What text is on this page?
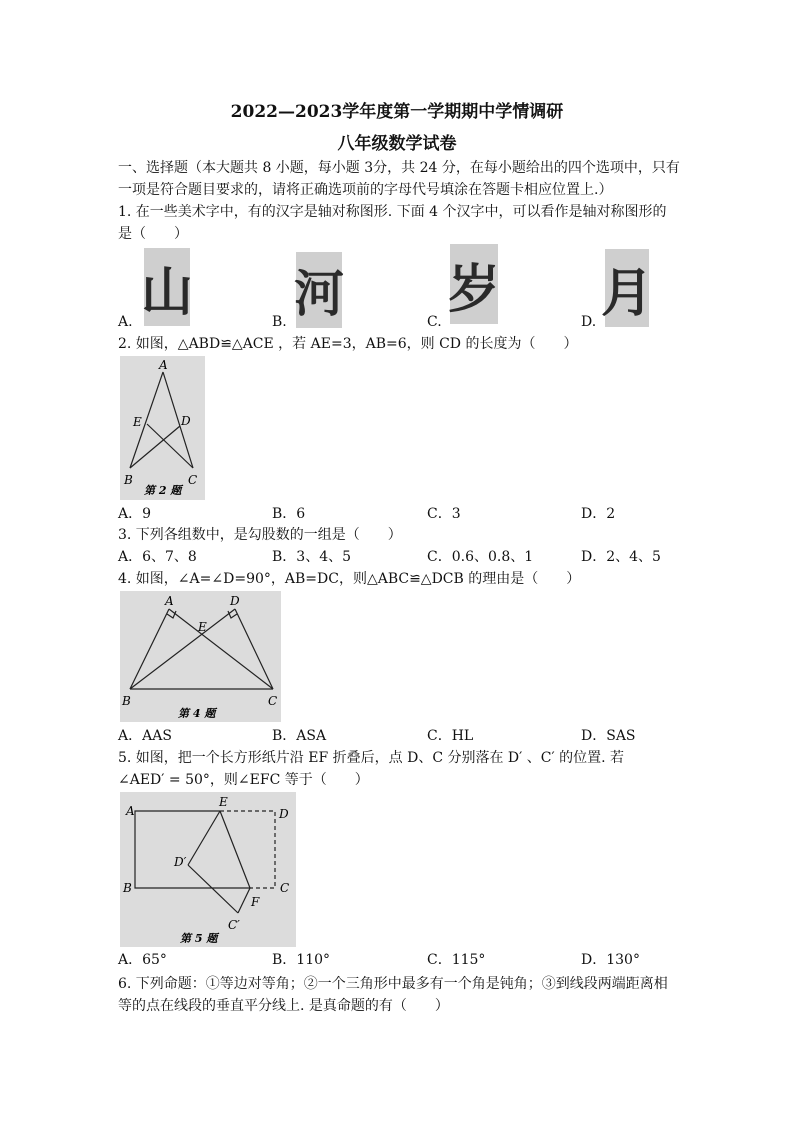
2022—2023学年度第一学期期中学情调研
八年级数学试卷
一、选择题（本大题共 8 小题，每小题 3分，共 24 分，在每小题给出的四个选项中，只有
一项是符合题目要求的，请将正确选项前的字母代号填涂在答题卡相应位置上.）
1. 在一些美术字中，有的汉字是轴对称图形. 下面 4 个汉字中，可以看作是轴对称图形的
是（　　）
山 河 岁 月
A.	B.	C.	D.
2. 如图，△ABD≌△ACE ，若 AE=3，AB=6，则 CD 的长度为（　　）
A
E	D
B	C
第 2 题
A．9	B．6	C．3	D．2
3. 下列各组数中，是勾股数的一组是（　　）
A．6、7、8	B．3、4、5	C．0.6、0.8、1	D．2、4、5
4. 如图，∠A=∠D=90°，AB=DC，则△ABC≌△DCB 的理由是（　　）
A	D
E
B	C
第 4 题
A．AAS	B．ASA	C．HL	D．SAS
5. 如图，把一个长方形纸片沿 EF 折叠后，点 D、C 分别落在 D′ 、C′ 的位置. 若
∠AED′ = 50°，则∠EFC 等于（　　）
A
E
D
D′
B	C
F
C′
第 5 题
A．65°	B．110°	C．115°	D．130°
6. 下列命题：①等边对等角；②一个三角形中最多有一个角是钝角；③到线段两端距离相
等的点在线段的垂直平分线上. 是真命题的有（　　）
